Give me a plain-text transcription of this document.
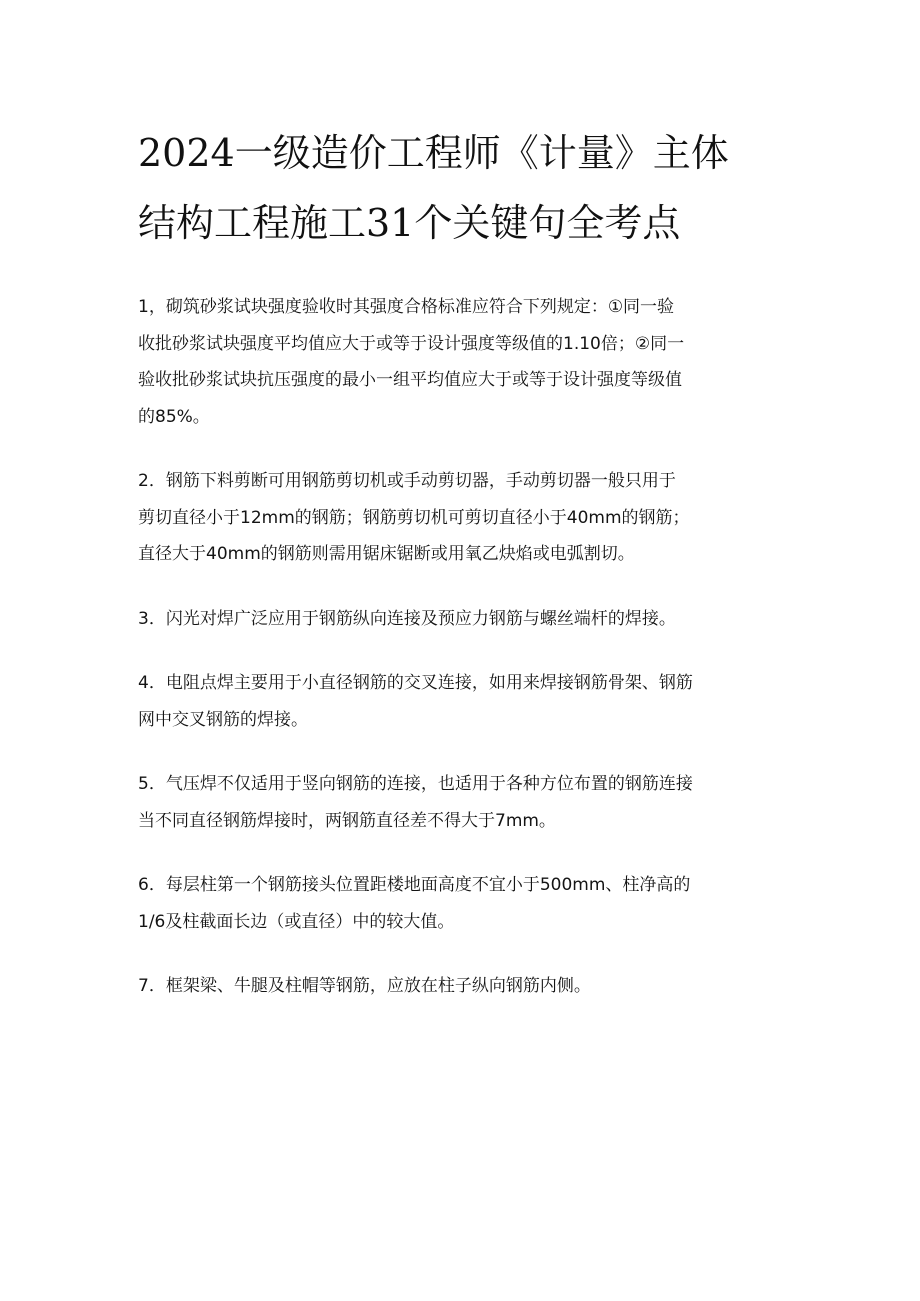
2024一级造价工程师《计量》主体
结构工程施工31个关键句全考点
1，砌筑砂浆试块强度验收时其强度合格标准应符合下列规定：①同一验
收批砂浆试块强度平均值应大于或等于设计强度等级值的1.10倍；②同一
验收批砂浆试块抗压强度的最小一组平均值应大于或等于设计强度等级值
的85%。
2．钢筋下料剪断可用钢筋剪切机或手动剪切器，手动剪切器一般只用于
剪切直径小于12mm的钢筋；钢筋剪切机可剪切直径小于40mm的钢筋；
直径大于40mm的钢筋则需用锯床锯断或用氧乙炔焰或电弧割切。
3．闪光对焊广泛应用于钢筋纵向连接及预应力钢筋与螺丝端杆的焊接。
4．电阻点焊主要用于小直径钢筋的交叉连接，如用来焊接钢筋骨架、钢筋
网中交叉钢筋的焊接。
5．气压焊不仅适用于竖向钢筋的连接，也适用于各种方位布置的钢筋连接
当不同直径钢筋焊接时，两钢筋直径差不得大于7mm。
6．每层柱第一个钢筋接头位置距楼地面高度不宜小于500mm、柱净高的
1/6及柱截面长边（或直径）中的较大值。
7．框架梁、牛腿及柱帽等钢筋，应放在柱子纵向钢筋内侧。
